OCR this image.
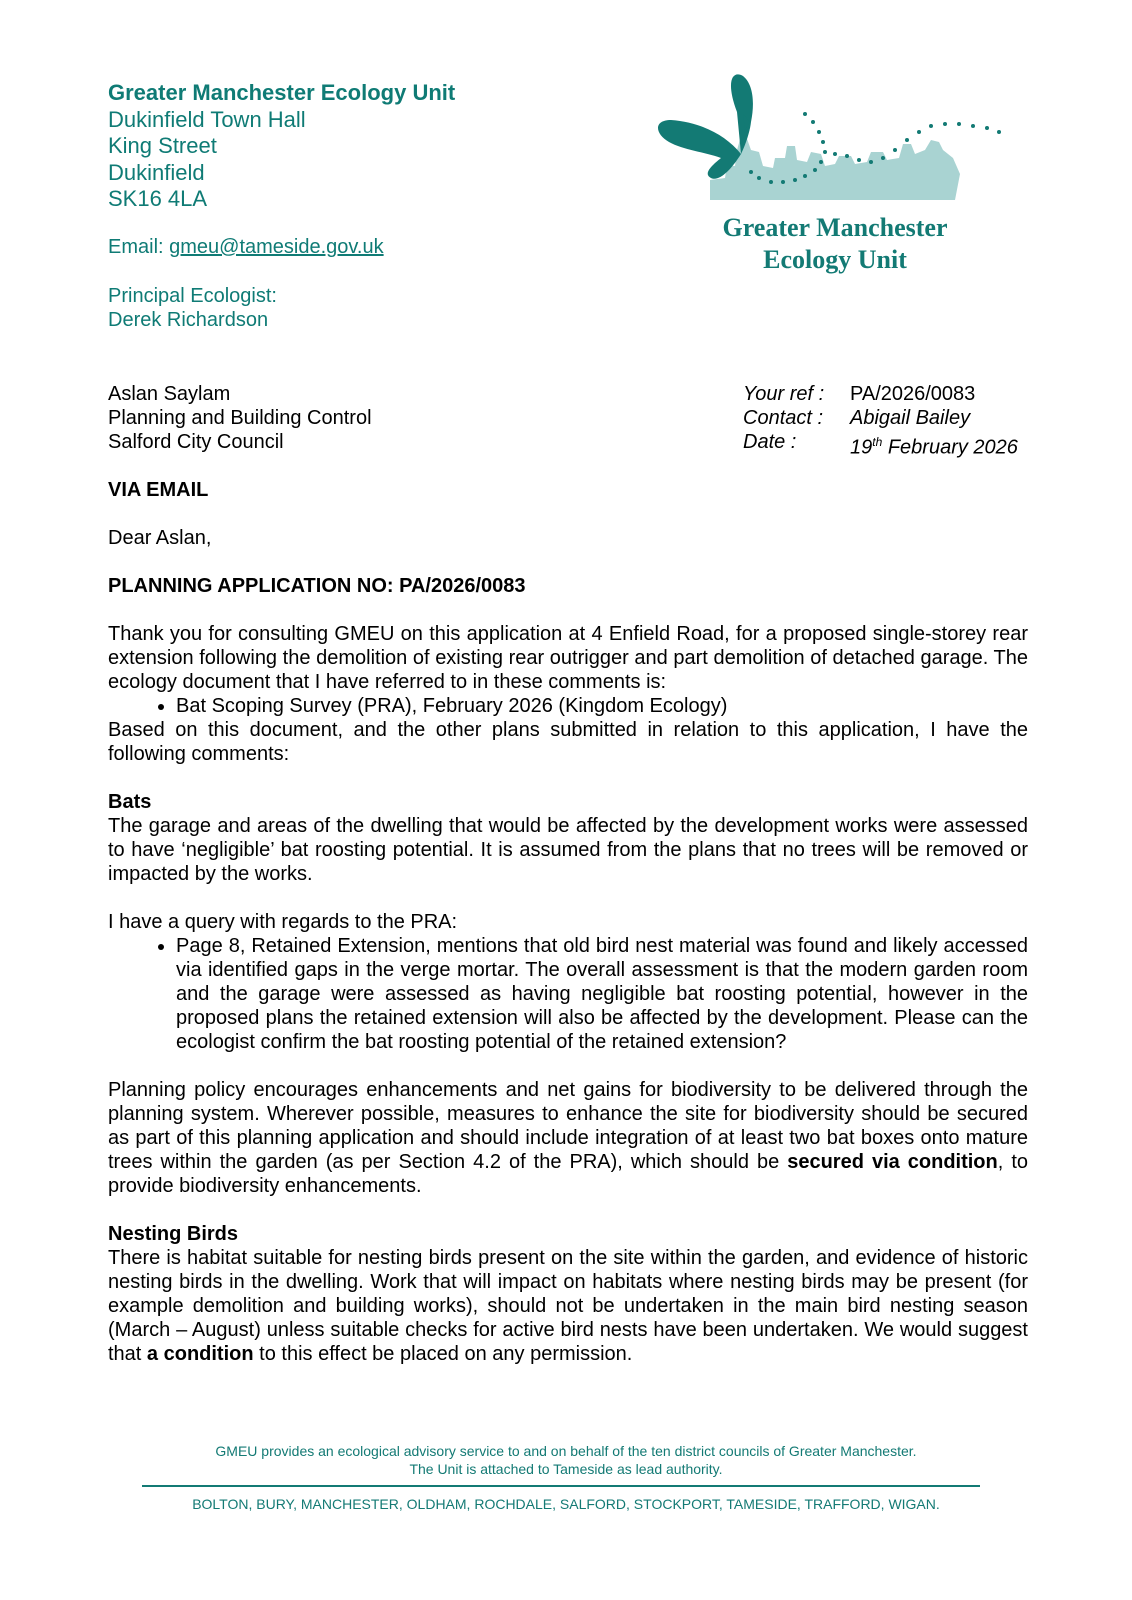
Greater Manchester Ecology Unit
Dukinfield Town Hall
King Street
Dukinfield
SK16 4LA
Email: gmeu@tameside.gov.uk
Principal Ecologist:
Derek Richardson
Greater Manchester
Ecology Unit
Aslan Saylam
Planning and Building Control
Salford City Council
Your ref :	PA/2026/0083
Contact :	Abigail Bailey
Date :	19th February 2026
VIA EMAIL
Dear Aslan,
PLANNING APPLICATION NO: PA/2026/0083

Thank you for consulting GMEU on this application at 4 Enfield Road, for a proposed single-storey rear extension following the demolition of existing rear outrigger and part demolition of detached garage. The ecology document that I have referred to in these comments is:

• Bat Scoping Survey (PRA), February 2026 (Kingdom Ecology)

Based on this document, and the other plans submitted in relation to this application, I have the following comments:

Bats

The garage and areas of the dwelling that would be affected by the development works were assessed to have ‘negligible’ bat roosting potential. It is assumed from the plans that no trees will be removed or impacted by the works.

I have a query with regards to the PRA:

• Page 8, Retained Extension, mentions that old bird nest material was found and likely accessed via identified gaps in the verge mortar. The overall assessment is that the modern garden room and the garage were assessed as having negligible bat roosting potential, however in the proposed plans the retained extension will also be affected by the development. Please can the ecologist confirm the bat roosting potential of the retained extension?

Planning policy encourages enhancements and net gains for biodiversity to be delivered through the planning system. Wherever possible, measures to enhance the site for biodiversity should be secured as part of this planning application and should include integration of at least two bat boxes onto mature trees within the garden (as per Section 4.2 of the PRA), which should be secured via condition, to provide biodiversity enhancements.

Nesting Birds

There is habitat suitable for nesting birds present on the site within the garden, and evidence of historic nesting birds in the dwelling. Work that will impact on habitats where nesting birds may be present (for example demolition and building works), should not be undertaken in the main bird nesting season (March – August) unless suitable checks for active bird nests have been undertaken. We would suggest that a condition to this effect be placed on any permission.

GMEU provides an ecological advisory service to and on behalf of the ten district councils of Greater Manchester.
The Unit is attached to Tameside as lead authority.
BOLTON, BURY, MANCHESTER, OLDHAM, ROCHDALE, SALFORD, STOCKPORT, TAMESIDE, TRAFFORD, WIGAN.
